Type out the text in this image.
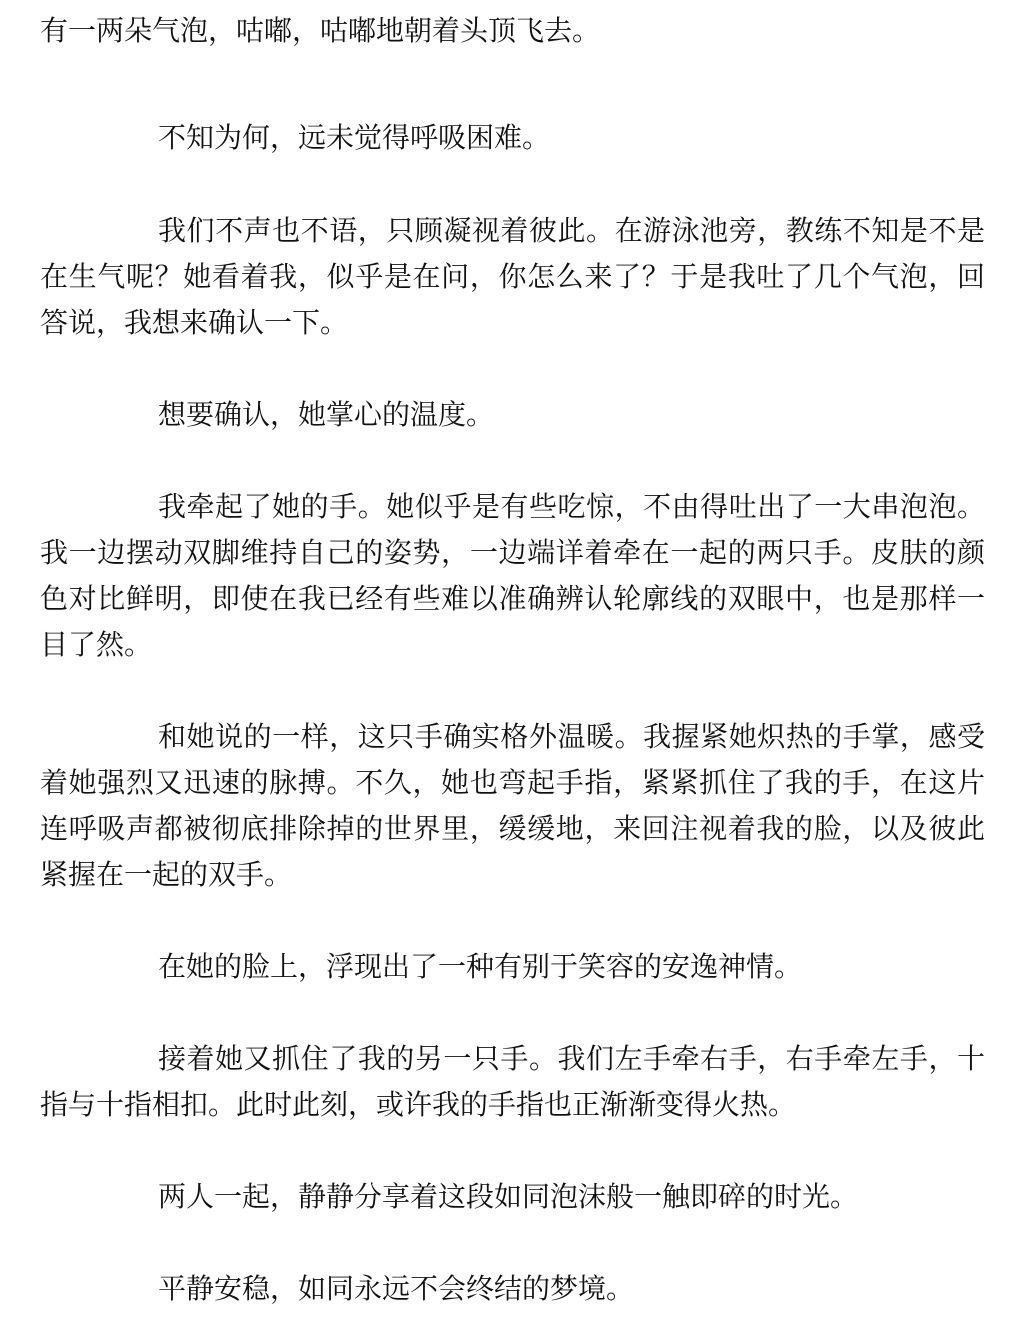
有一两朵气泡，咕嘟，咕嘟地朝着头顶飞去。

不知为何，远未觉得呼吸困难。

我们不声也不语，只顾凝视着彼此。在游泳池旁，教练不知是不是在生气呢？她看着我，似乎是在问，你怎么来了？于是我吐了几个气泡，回答说，我想来确认一下。

想要确认，她掌心的温度。

我牵起了她的手。她似乎是有些吃惊，不由得吐出了一大串泡泡。我一边摆动双脚维持自己的姿势，一边端详着牵在一起的两只手。皮肤的颜色对比鲜明，即使在我已经有些难以准确辨认轮廓线的双眼中，也是那样一目了然。

和她说的一样，这只手确实格外温暖。我握紧她炽热的手掌，感受着她强烈又迅速的脉搏。不久，她也弯起手指，紧紧抓住了我的手，在这片连呼吸声都被彻底排除掉的世界里，缓缓地，来回注视着我的脸，以及彼此紧握在一起的双手。

在她的脸上，浮现出了一种有别于笑容的安逸神情。

接着她又抓住了我的另一只手。我们左手牵右手，右手牵左手，十指与十指相扣。此时此刻，或许我的手指也正渐渐变得火热。

两人一起，静静分享着这段如同泡沫般一触即碎的时光。

平静安稳，如同永远不会终结的梦境。
